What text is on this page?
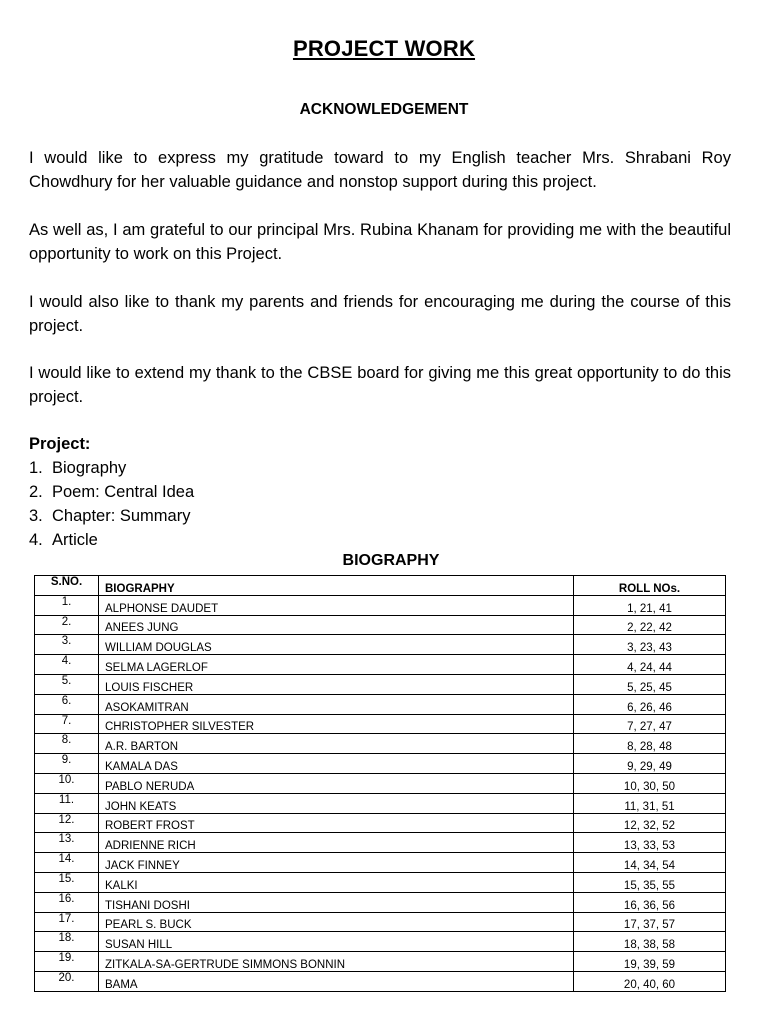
PROJECT WORK
ACKNOWLEDGEMENT

I would like to express my gratitude toward to my English teacher Mrs. Shrabani Roy Chowdhury for her valuable guidance and nonstop support during this project.

As well as, I am grateful to our principal Mrs. Rubina Khanam for providing me with the beautiful opportunity to work on this Project.

I would also like to thank my parents and friends for encouraging me during the course of this project.

I would like to extend my thank to the CBSE board for giving me this great opportunity to do this project.

Project:
1. Biography
2. Poem: Central Idea
3. Chapter: Summary
4. Article
BIOGRAPHY
S.NO.	BIOGRAPHY	ROLL NOs.
1.	ALPHONSE DAUDET	1, 21, 41
2.	ANEES JUNG	2, 22, 42
3.	WILLIAM DOUGLAS	3, 23, 43
4.	SELMA LAGERLOF	4, 24, 44
5.	LOUIS FISCHER	5, 25, 45
6.	ASOKAMITRAN	6, 26, 46
7.	CHRISTOPHER SILVESTER	7, 27, 47
8.	A.R. BARTON	8, 28, 48
9.	KAMALA DAS	9, 29, 49
10.	PABLO NERUDA	10, 30, 50
11.	JOHN KEATS	11, 31, 51
12.	ROBERT FROST	12, 32, 52
13.	ADRIENNE RICH	13, 33, 53
14.	JACK FINNEY	14, 34, 54
15.	KALKI	15, 35, 55
16.	TISHANI DOSHI	16, 36, 56
17.	PEARL S. BUCK	17, 37, 57
18.	SUSAN HILL	18, 38, 58
19.	ZITKALA-SA-GERTRUDE SIMMONS BONNIN	19, 39, 59
20.	BAMA	20, 40, 60
